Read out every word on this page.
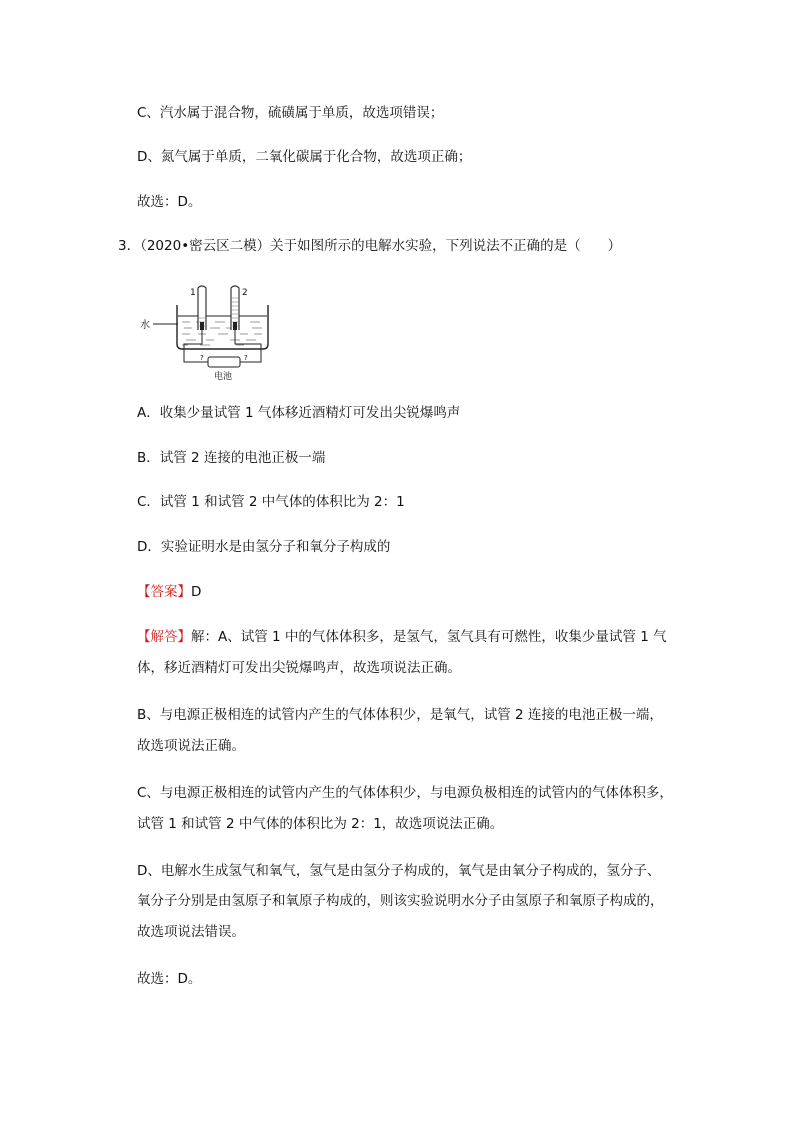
C、汽水属于混合物，硫磺属于单质，故选项错误；
D、氮气属于单质，二氧化碳属于化合物，故选项正确；
故选：D。
3．（2020•密云区二模）关于如图所示的电解水实验，下列说法不正确的是（　　）
水
1	2
?	?
电池
A．收集少量试管 1 气体移近酒精灯可发出尖锐爆鸣声
B．试管 2 连接的电池正极一端
C．试管 1 和试管 2 中气体的体积比为 2：1
D．实验证明水是由氢分子和氧分子构成的
【答案】D
【解答】解：A、试管 1 中的气体体积多，是氢气，氢气具有可燃性，收集少量试管 1 气
体，移近酒精灯可发出尖锐爆鸣声，故选项说法正确。
B、与电源正极相连的试管内产生的气体体积少，是氧气，试管 2 连接的电池正极一端，
故选项说法正确。
C、与电源正极相连的试管内产生的气体体积少，与电源负极相连的试管内的气体体积多，
试管 1 和试管 2 中气体的体积比为 2：1，故选项说法正确。
D、电解水生成氢气和氧气，氢气是由氢分子构成的，氧气是由氧分子构成的，氢分子、
氧分子分别是由氢原子和氧原子构成的，则该实验说明水分子由氢原子和氧原子构成的，
故选项说法错误。
故选：D。
